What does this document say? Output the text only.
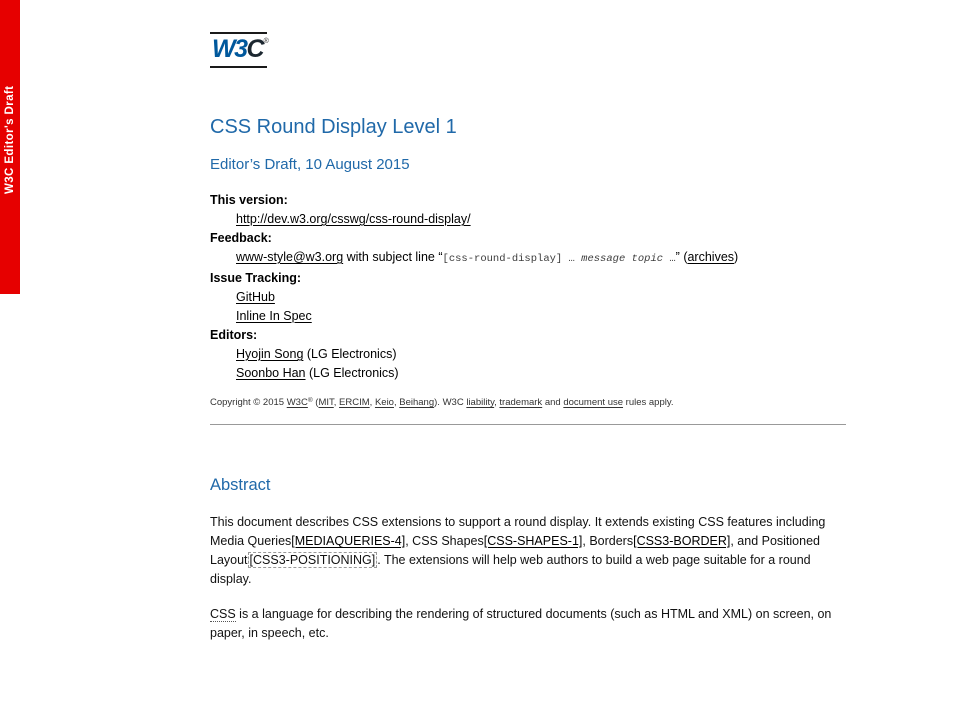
W3C Editor's Draft
W3C®
CSS Round Display Level 1
Editor’s Draft, 10 August 2015
This version:
http://dev.w3.org/csswg/css-round-display/
Feedback:
www-style@w3.org with subject line “[css-round-display] … message topic …” (archives)
Issue Tracking:
GitHub
Inline In Spec
Editors:
Hyojin Song (LG Electronics)
Soonbo Han (LG Electronics)

Copyright © 2015 W3C® (MIT, ERCIM, Keio, Beihang). W3C liability, trademark and document use rules apply.

Abstract

This document describes CSS extensions to support a round display. It extends existing CSS features including Media Queries[MEDIAQUERIES-4], CSS Shapes[CSS-SHAPES-1], Borders[CSS3-BORDER], and Positioned Layout [CSS3-POSITIONING] . The extensions will help web authors to build a web page suitable for a round display.

CSS is a language for describing the rendering of structured documents (such as HTML and XML) on screen, on paper, in speech, etc.
